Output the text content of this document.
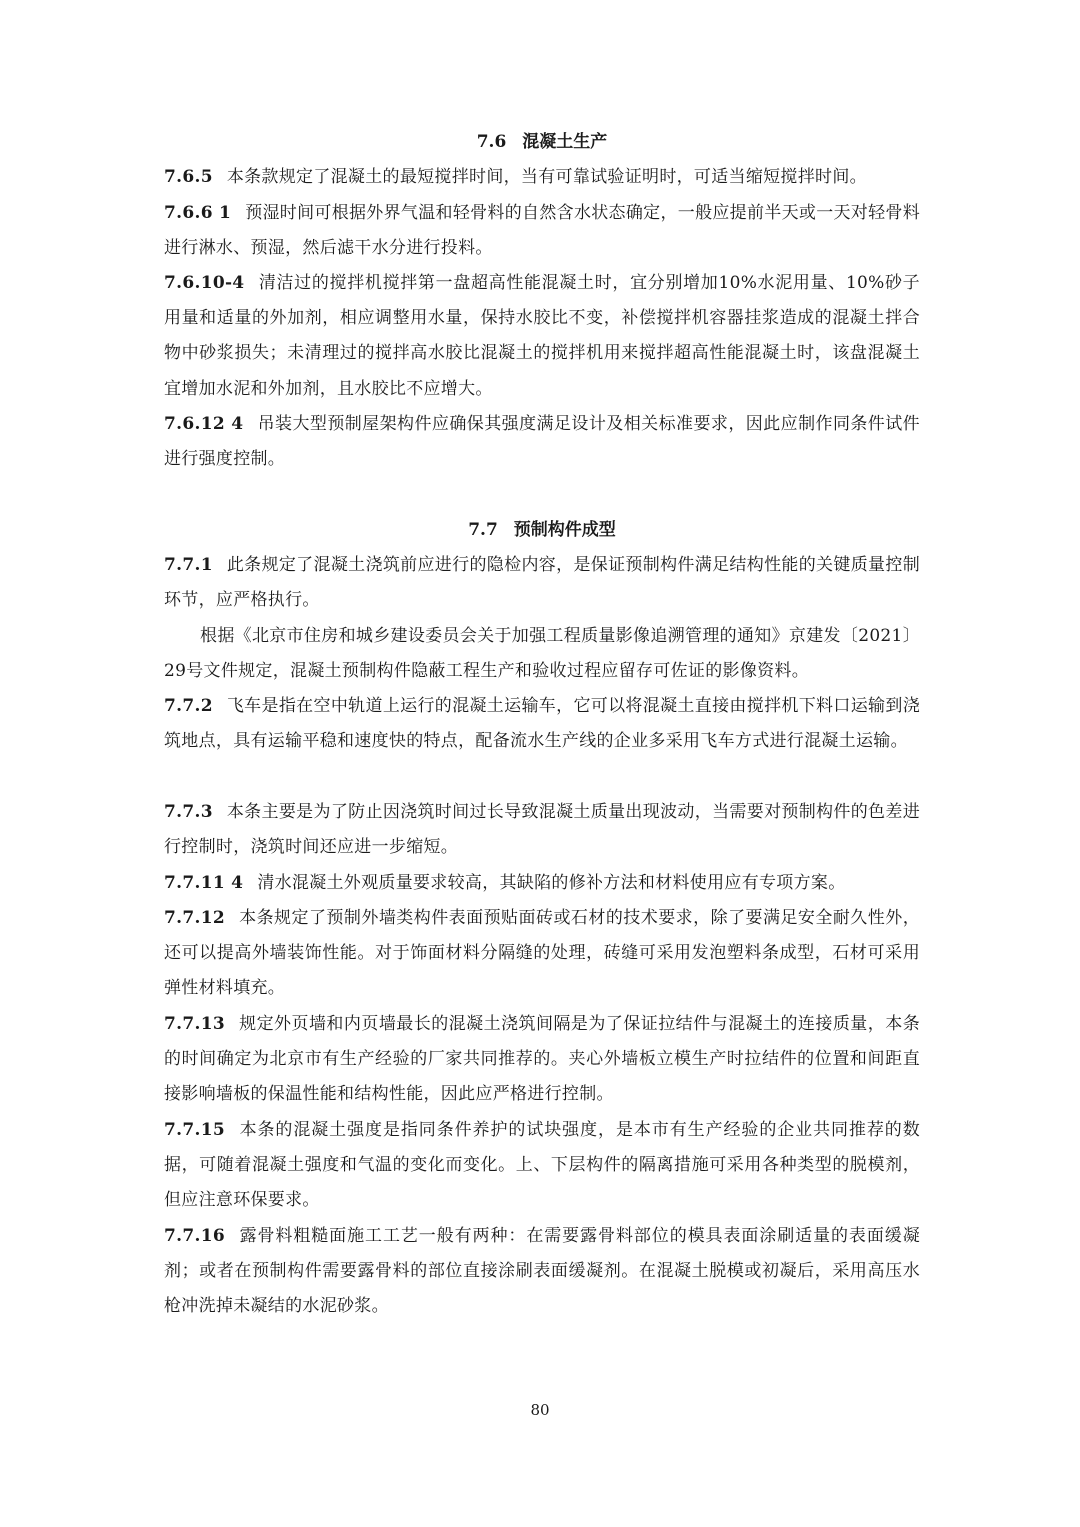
7.6 混凝土生产

7.6.5 本条款规定了混凝土的最短搅拌时间，当有可靠试验证明时，可适当缩短搅拌时间。

7.6.6 1 预湿时间可根据外界气温和轻骨料的自然含水状态确定，一般应提前半天或一天对轻骨料进行淋水、预湿，然后滤干水分进行投料。

7.6.10-4 清洁过的搅拌机搅拌第一盘超高性能混凝土时，宜分别增加10%水泥用量、10%砂子用量和适量的外加剂，相应调整用水量，保持水胶比不变，补偿搅拌机容器挂浆造成的混凝土拌合物中砂浆损失；未清理过的搅拌高水胶比混凝土的搅拌机用来搅拌超高性能混凝土时，该盘混凝土宜增加水泥和外加剂，且水胶比不应增大。

7.6.12 4 吊装大型预制屋架构件应确保其强度满足设计及相关标准要求，因此应制作同条件试件进行强度控制。

7.7 预制构件成型

7.7.1 此条规定了混凝土浇筑前应进行的隐检内容，是保证预制构件满足结构性能的关键质量控制环节，应严格执行。

根据《北京市住房和城乡建设委员会关于加强工程质量影像追溯管理的通知》京建发〔2021〕29号文件规定，混凝土预制构件隐蔽工程生产和验收过程应留存可佐证的影像资料。

7.7.2 飞车是指在空中轨道上运行的混凝土运输车，它可以将混凝土直接由搅拌机下料口运输到浇筑地点，具有运输平稳和速度快的特点，配备流水生产线的企业多采用飞车方式进行混凝土运输。

7.7.3 本条主要是为了防止因浇筑时间过长导致混凝土质量出现波动，当需要对预制构件的色差进行控制时，浇筑时间还应进一步缩短。

7.7.11 4 清水混凝土外观质量要求较高，其缺陷的修补方法和材料使用应有专项方案。

7.7.12 本条规定了预制外墙类构件表面预贴面砖或石材的技术要求，除了要满足安全耐久性外，还可以提高外墙装饰性能。对于饰面材料分隔缝的处理，砖缝可采用发泡塑料条成型，石材可采用弹性材料填充。

7.7.13 规定外页墙和内页墙最长的混凝土浇筑间隔是为了保证拉结件与混凝土的连接质量，本条的时间确定为北京市有生产经验的厂家共同推荐的。夹心外墙板立模生产时拉结件的位置和间距直接影响墙板的保温性能和结构性能，因此应严格进行控制。

7.7.15 本条的混凝土强度是指同条件养护的试块强度，是本市有生产经验的企业共同推荐的数据，可随着混凝土强度和气温的变化而变化。上、下层构件的隔离措施可采用各种类型的脱模剂，但应注意环保要求。

7.7.16 露骨料粗糙面施工工艺一般有两种：在需要露骨料部位的模具表面涂刷适量的表面缓凝剂；或者在预制构件需要露骨料的部位直接涂刷表面缓凝剂。在混凝土脱模或初凝后，采用高压水枪冲洗掉未凝结的水泥砂浆。

80
